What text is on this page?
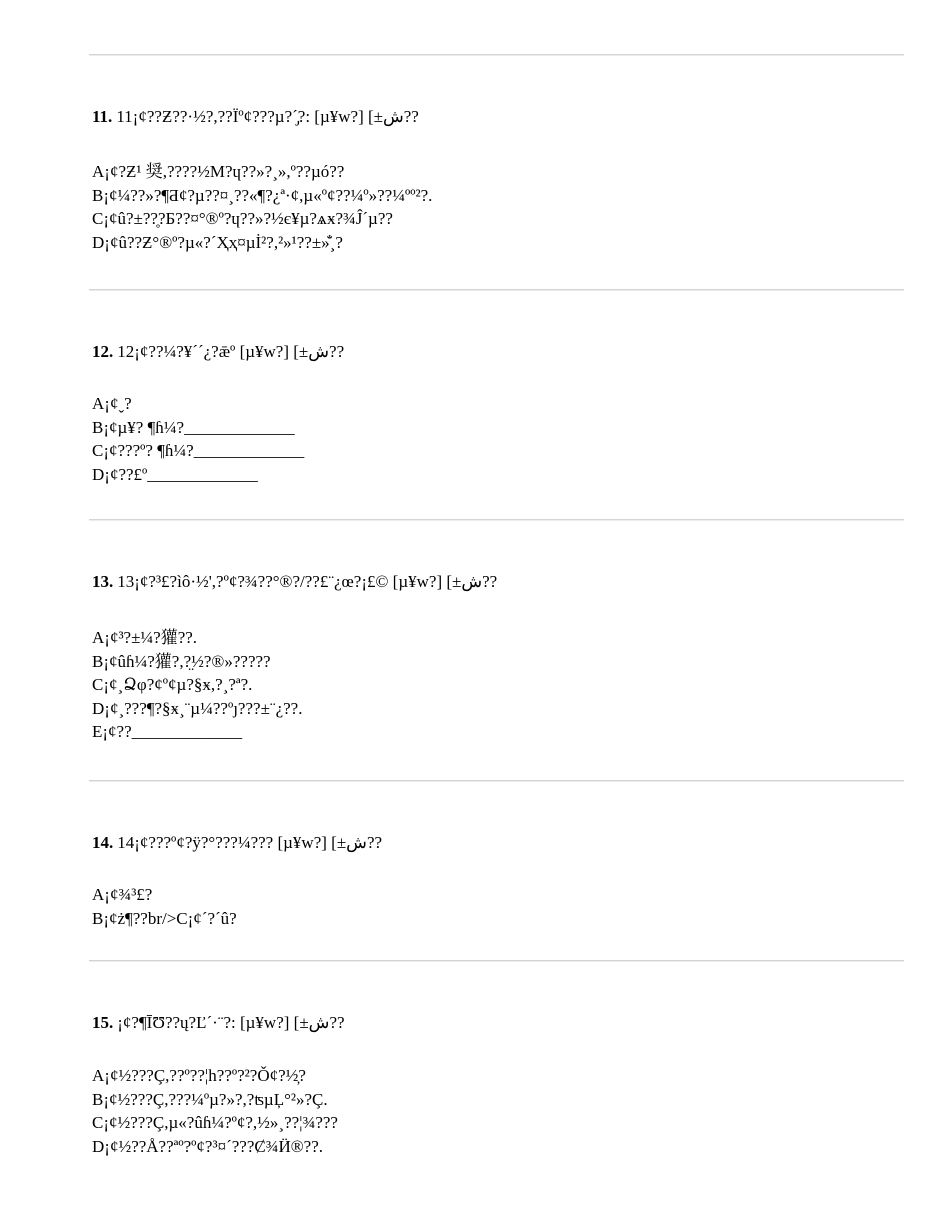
11. 11¡¢??Ƶ??·½?,??Ïº¢???µ?´̡?: [µ¥w?] [±ش??

A¡¢?Ƶ¹ 奨,????½Μ?ɥ??»?¸»,º??µó??
B¡¢¼??»?¶Ƌ¢?µ??¤¸??«¶?¿ª·¢,µ«º¢??¼º»??¼ºº²?.
C¡¢û?±??̥?Ƃ??¤°®º?ɥ??»?½є¥µ?ѧӿ?¾Ĵ´µ??
D¡¢û??Ƶ°®º?µ«?´Ҳҳ¤µİ²?,²»¹??±»̐̆¸?

12. 12¡¢??¼?¥´´¿?ǣº [µ¥w?] [±ش??

A¡¢ˬ?
B¡¢µ¥? ¶ɦ¼?_____________
C¡¢???º? ¶ɦ¼?_____________
D¡¢??£º_____________

13. 13¡¢?³£?ìô·½',?º¢?¾??°®?/??£¨¿œ?¡£© [µ¥w?] [±ش??

A¡¢³?±¼?獾??.
B¡¢ûɦ¼?獾?,?̤½?®»?????
C¡¢¸Ձφ?¢º¢µ?§ӿ,?¸?ª?.
D¡¢¸???¶?§ӿ¸¨µ¼??ºȷ???±¨¿??.
E¡¢??_____________

14. 14¡¢???º¢?ÿ?°???¼??? [µ¥w?] [±ش??

A¡¢¾³£?
B¡¢ż¶??br/>C¡¢´?´û?

15. ¡¢?¶ĪƱ??ų?Ľ´·¨?: [µ¥w?] [±ش??

A¡¢½???Ç,??º??¦h??º?²?Ǒ¢?½̦?
B¡¢½???Ç,???¼ºµ?»?,?ʦµĻ°²»?Ç.
C¡¢½???Ç,µ«?ûɦ¼?º¢?,½»¸??¦¾???
D¡¢½??Å??ªº?º¢?³¤´???Ȼ¾Ӥ®??.
